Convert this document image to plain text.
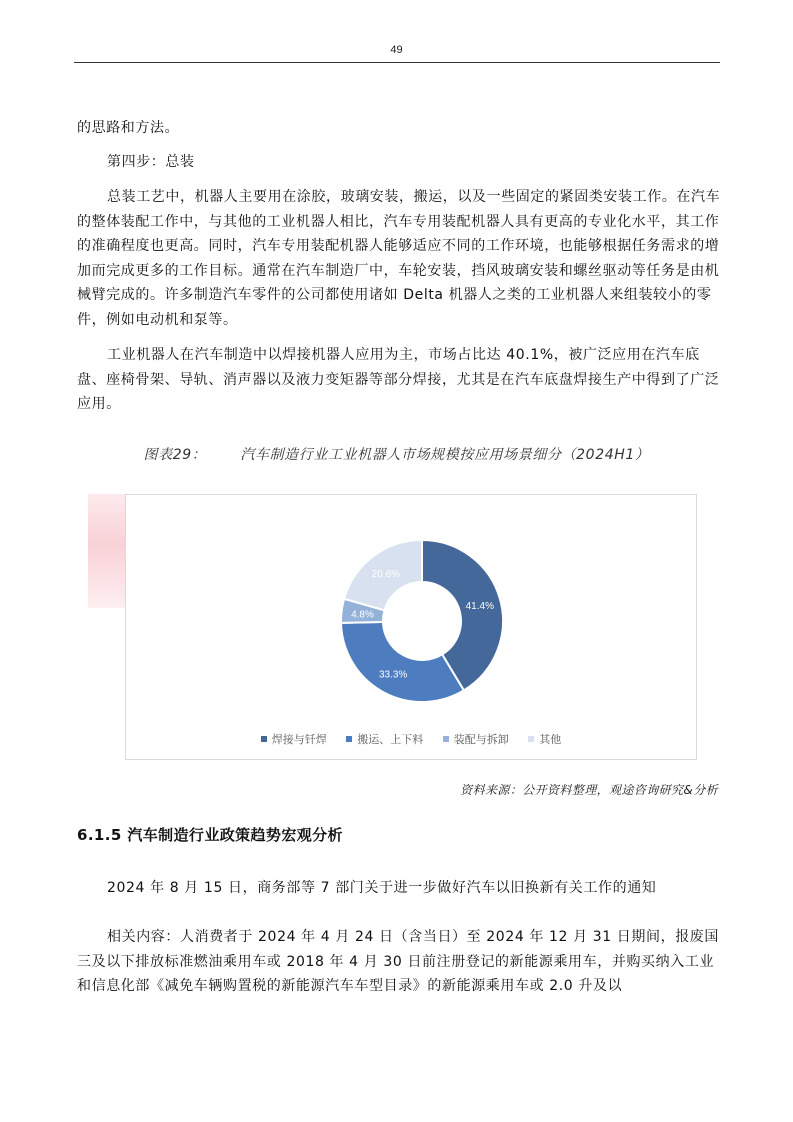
49

的思路和方法。

第四步：总装

总装工艺中，机器人主要用在涂胶，玻璃安装，搬运，以及一些固定的紧固类安装工作。在汽车的整体装配工作中，与其他的工业机器人相比，汽车专用装配机器人具有更高的专业化水平，其工作的准确程度也更高。同时，汽车专用装配机器人能够适应不同的工作环境，也能够根据任务需求的增加而完成更多的工作目标。通常在汽车制造厂中，车轮安装，挡风玻璃安装和螺丝驱动等任务是由机械臂完成的。许多制造汽车零件的公司都使用诸如 Delta 机器人之类的工业机器人来组装较小的零件，例如电动机和泵等。

工业机器人在汽车制造中以焊接机器人应用为主，市场占比达 40.1%，被广泛应用在汽车底盘、座椅骨架、导轨、消声器以及液力变矩器等部分焊接，尤其是在汽车底盘焊接生产中得到了广泛应用。

图表29： 汽车制造行业工业机器人市场规模按应用场景细分（2024H1）
41.4%
33.3%
4.8%
20.6%
焊接与钎焊	搬运、上下料	装配与拆卸	其他
资料来源：公开资料整理，观途咨询研究&分析
6.1.5 汽车制造行业政策趋势宏观分析

2024 年 8 月 15 日，商务部等 7 部门关于进一步做好汽车以旧换新有关工作的通知

相关内容：人消费者于 2024 年 4 月 24 日（含当日）至 2024 年 12 月 31 日期间，报废国三及以下排放标准燃油乘用车或 2018 年 4 月 30 日前注册登记的新能源乘用车，并购买纳入工业和信息化部《减免车辆购置税的新能源汽车车型目录》的新能源乘用车或 2.0 升及以
